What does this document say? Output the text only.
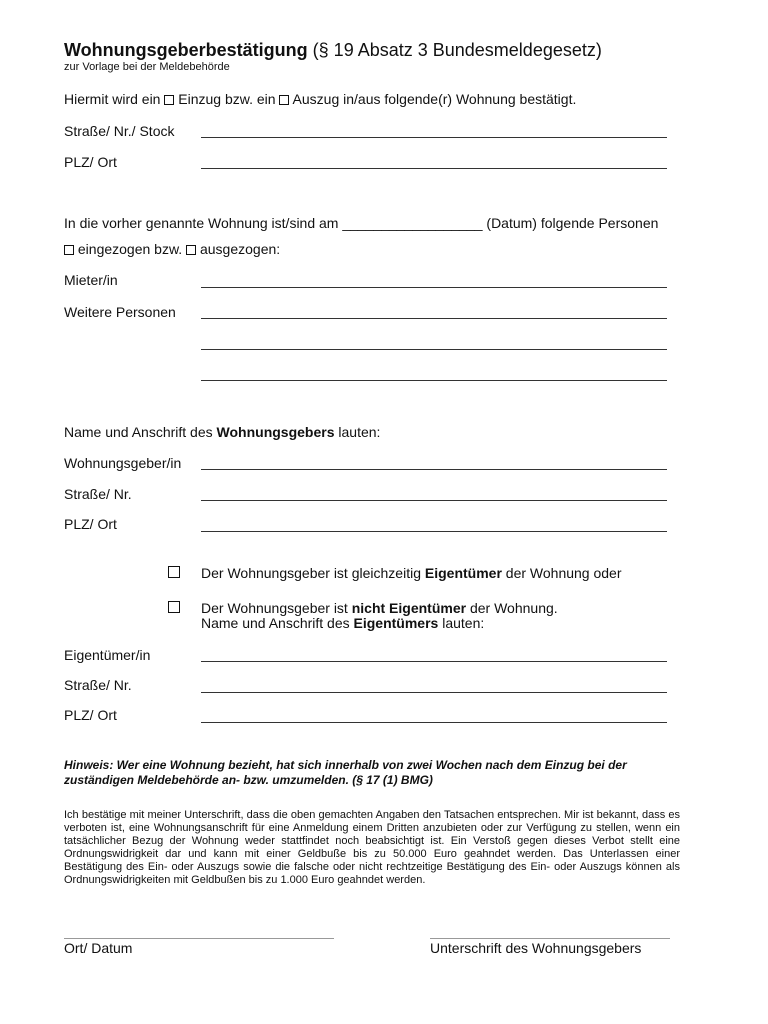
Wohnungsgeberbestätigung (§ 19 Absatz 3 Bundesmeldegesetz)
zur Vorlage bei der Meldebehörde
Hiermit wird ein  Einzug bzw. ein  Auszug in/aus folgende(r) Wohnung bestätigt.
Straße/ Nr./ Stock
PLZ/ Ort
In die vorher genannte Wohnung ist/sind am __________________ (Datum) folgende Personen
eingezogen bzw.  ausgezogen:
Mieter/in
Weitere Personen
Name und Anschrift des Wohnungsgebers lauten:
Wohnungsgeber/in
Straße/ Nr.
PLZ/ Ort
Der Wohnungsgeber ist gleichzeitig Eigentümer der Wohnung oder
Der Wohnungsgeber ist nicht Eigentümer der Wohnung.
Name und Anschrift des Eigentümers lauten:
Eigentümer/in
Straße/ Nr.
PLZ/ Ort
Hinweis: Wer eine Wohnung bezieht, hat sich innerhalb von zwei Wochen nach dem Einzug bei der zuständigen Meldebehörde an- bzw. umzumelden. (§ 17 (1) BMG)
Ich bestätige mit meiner Unterschrift, dass die oben gemachten Angaben den Tatsachen entsprechen. Mir ist bekannt, dass es verboten ist, eine Wohnungsanschrift für eine Anmeldung einem Dritten anzubieten oder zur Verfügung zu stellen, wenn ein tatsächlicher Bezug der Wohnung weder stattfindet noch beabsichtigt ist. Ein Verstoß gegen dieses Verbot stellt eine Ordnungswidrigkeit dar und kann mit einer Geldbuße bis zu 50.000 Euro geahndet werden. Das Unterlassen einer Bestätigung des Ein- oder Auszugs sowie die falsche oder nicht rechtzeitige Bestätigung des Ein- oder Auszugs können als Ordnungswidrigkeiten mit Geldbußen bis zu 1.000 Euro geahndet werden.
Ort/ Datum	Unterschrift des Wohnungsgebers
